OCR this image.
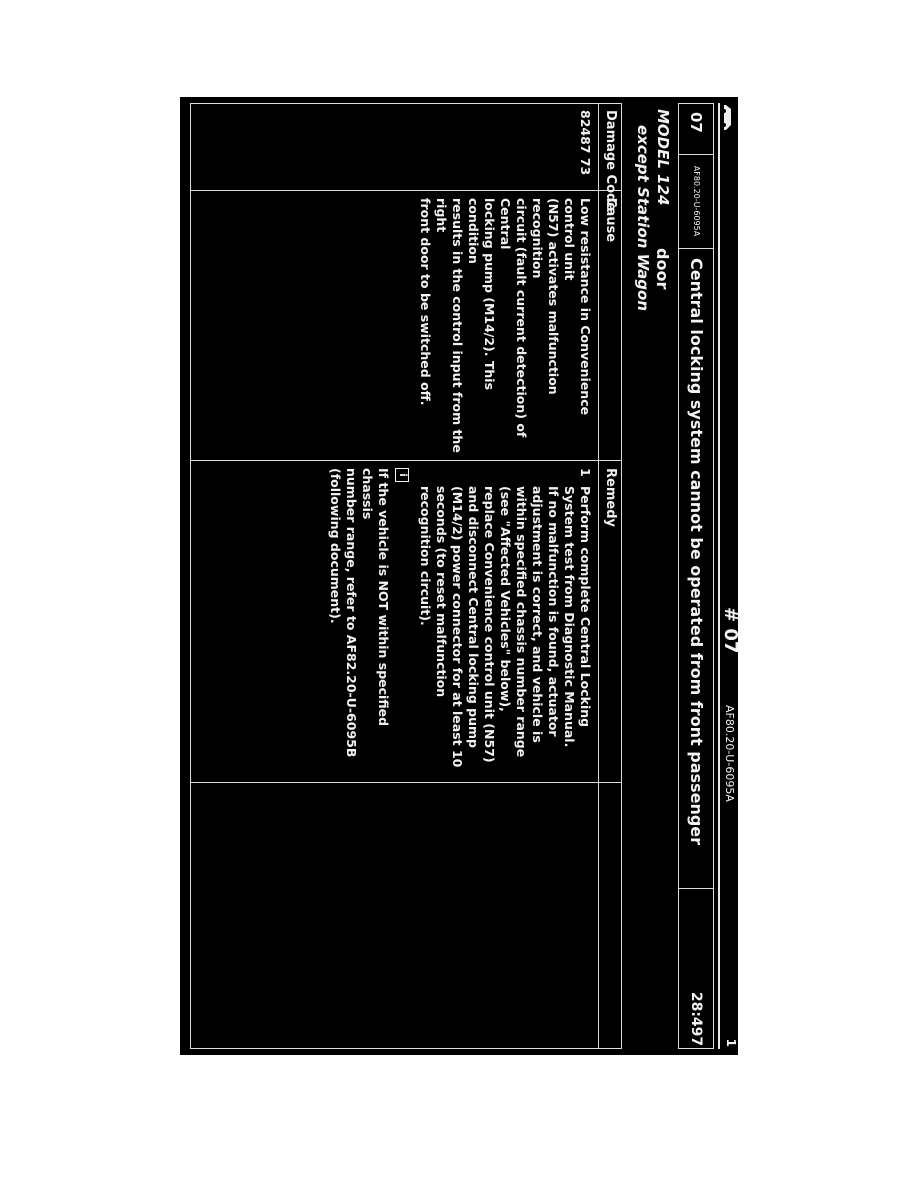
# 07
AF80.20-U-6095A
1
07
AF80.20-U-6095A
Central locking system cannot be operated from front passenger door
28:497
MODEL 124
except Station Wagon
Damage Code
Cause
Remedy
82487 73
Low resistance in Convenience control unit
(N57) activates malfunction recognition
circuit (fault current detection) of Central
locking pump (M14/2). This condition
results in the control input from the right
front door to be switched off.
1
Perform complete Central Locking
System test from Diagnostic Manual.
If no malfunction is found, actuator
adjustment is correct, and vehicle is
within specified chassis number range
(see "Affected Vehicles" below),
replace Convenience control unit (N57)
and disconnect Central locking pump
(M14/2) power connector for at least 10
seconds (to reset malfunction
recognition circuit).
i
If the vehicle is NOT within specified chassis
number range, refer to AF82.20-U-6095B
(following document).
